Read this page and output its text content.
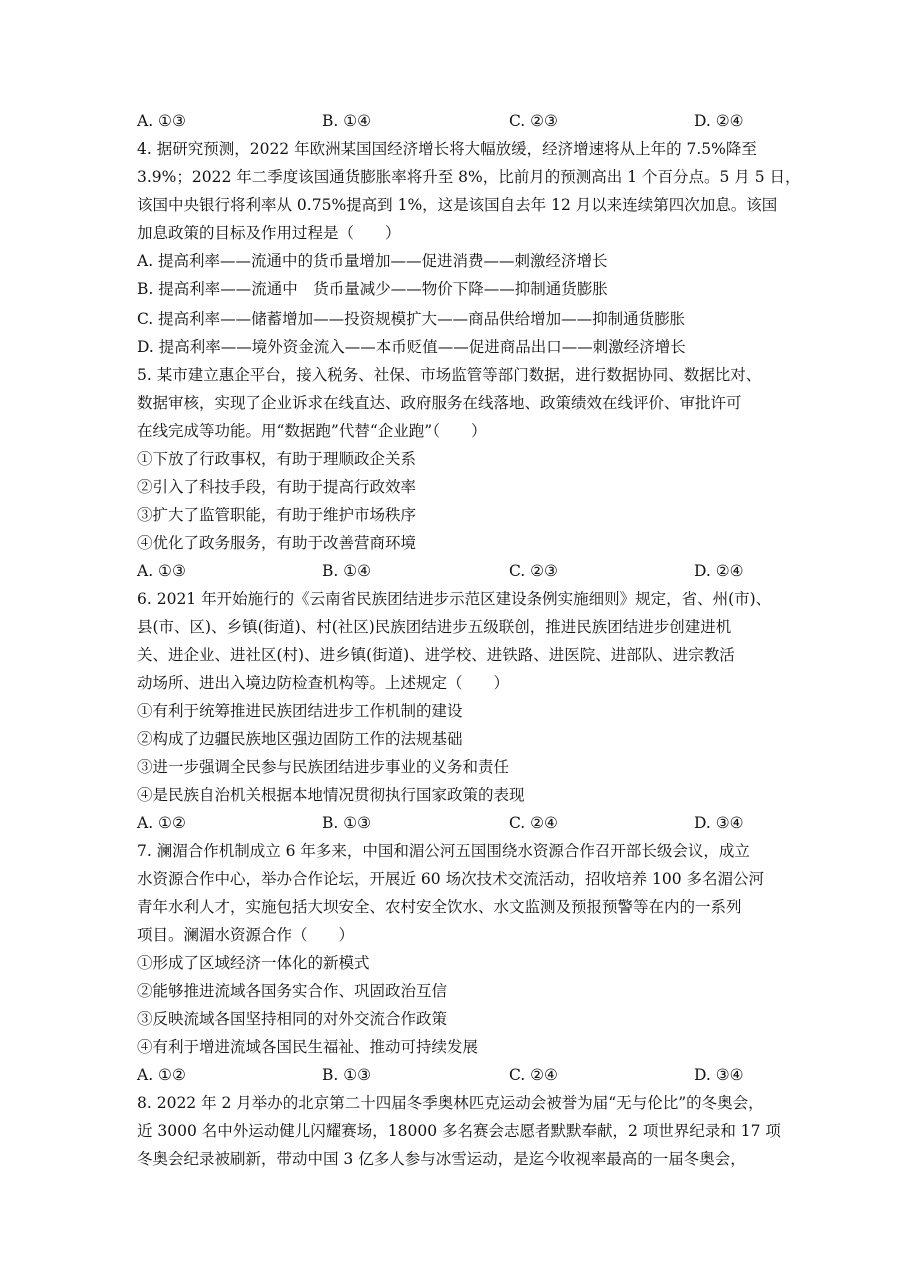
A. ①③	B. ①④	C. ②③	D. ②④
4. 据研究预测，2022 年欧洲某国国经济增长将大幅放缓，经济增速将从上年的 7.5%降至
3.9%；2022 年二季度该国通货膨胀率将升至 8%，比前月的预测高出 1 个百分点。5 月 5 日，
该国中央银行将利率从 0.75%提高到 1%，这是该国自去年 12 月以来连续第四次加息。该国
加息政策的目标及作用过程是（　　）
A. 提高利率——流通中的货币量增加——促进消费——刺激经济增长
B. 提高利率——流通中　货币量减少——物价下降——抑制通货膨胀
C. 提高利率——储蓄增加——投资规模扩大——商品供给增加——抑制通货膨胀
D. 提高利率——境外资金流入——本币贬值——促进商品出口——刺激经济增长
5. 某市建立惠企平台，接入税务、社保、市场监管等部门数据，进行数据协同、数据比对、
数据审核，实现了企业诉求在线直达、政府服务在线落地、政策绩效在线评价、审批许可
在线完成等功能。用“数据跑”代替“企业跑”（　　）
①下放了行政事权，有助于理顺政企关系
②引入了科技手段，有助于提高行政效率
③扩大了监管职能，有助于维护市场秩序
④优化了政务服务，有助于改善营商环境
A. ①③	B. ①④	C. ②③	D. ②④
6. 2021 年开始施行的《云南省民族团结进步示范区建设条例实施细则》规定，省、州(市)、
县(市、区)、乡镇(街道)、村(社区)民族团结进步五级联创，推进民族团结进步创建进机
关、进企业、进社区(村)、进乡镇(街道)、进学校、进铁路、进医院、进部队、进宗教活
动场所、进出入境边防检查机构等。上述规定（　　）
①有利于统筹推进民族团结进步工作机制的建设
②构成了边疆民族地区强边固防工作的法规基础
③进一步强调全民参与民族团结进步事业的义务和责任
④是民族自治机关根据本地情况贯彻执行国家政策的表现
A. ①②	B. ①③	C. ②④	D. ③④
7. 澜湄合作机制成立 6 年多来，中国和湄公河五国围绕水资源合作召开部长级会议，成立
水资源合作中心，举办合作论坛，开展近 60 场次技术交流活动，招收培养 100 多名湄公河
青年水利人才，实施包括大坝安全、农村安全饮水、水文监测及预报预警等在内的一系列
项目。澜湄水资源合作（　　）
①形成了区域经济一体化的新模式
②能够推进流域各国务实合作、巩固政治互信
③反映流域各国坚持相同的对外交流合作政策
④有利于增进流域各国民生福祉、推动可持续发展
A. ①②	B. ①③	C. ②④	D. ③④
8. 2022 年 2 月举办的北京第二十四届冬季奥林匹克运动会被誉为届“无与伦比”的冬奥会，
近 3000 名中外运动健儿闪耀赛场，18000 多名赛会志愿者默默奉献，2 项世界纪录和 17 项
冬奥会纪录被刷新，带动中国 3 亿多人参与冰雪运动，是迄今收视率最高的一届冬奥会，
